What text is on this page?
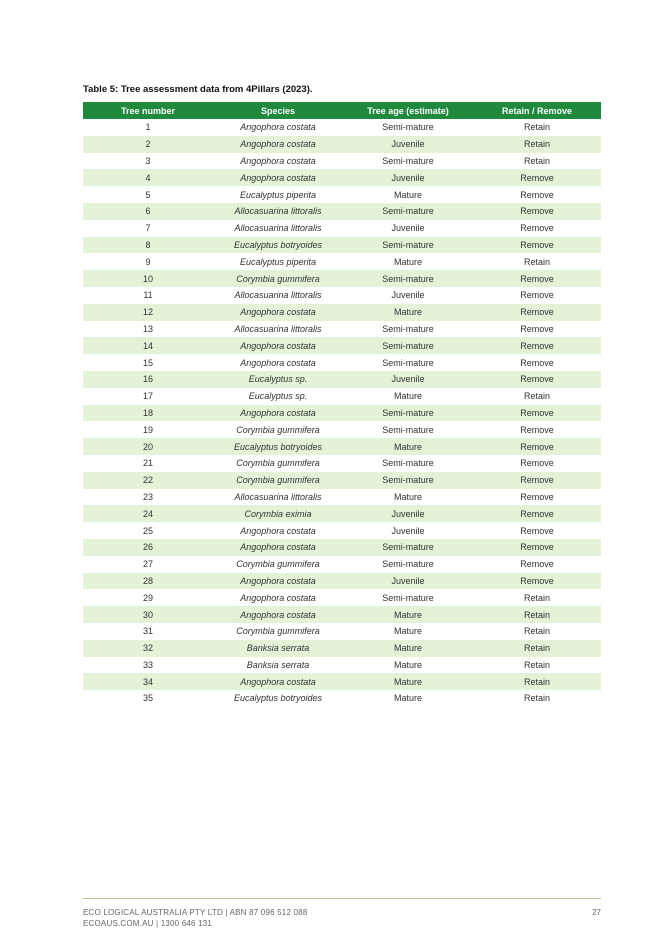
Table 5: Tree assessment data from 4Pillars (2023).
Tree number	Species	Tree age (estimate)	Retain / Remove
1	Angophora costata	Semi-mature	Retain
2	Angophora costata	Juvenile	Retain
3	Angophora costata	Semi-mature	Retain
4	Angophora costata	Juvenile	Remove
5	Eucalyptus piperita	Mature	Remove
6	Allocasuarina littoralis	Semi-mature	Remove
7	Allocasuarina littoralis	Juvenile	Remove
8	Eucalyptus botryoides	Semi-mature	Remove
9	Eucalyptus piperita	Mature	Retain
10	Corymbia gummifera	Semi-mature	Remove
11	Allocasuarina littoralis	Juvenile	Remove
12	Angophora costata	Mature	Remove
13	Allocasuarina littoralis	Semi-mature	Remove
14	Angophora costata	Semi-mature	Remove
15	Angophora costata	Semi-mature	Remove
16	Eucalyptus sp.	Juvenile	Remove
17	Eucalyptus sp.	Mature	Retain
18	Angophora costata	Semi-mature	Remove
19	Corymbia gummifera	Semi-mature	Remove
20	Eucalyptus botryoides	Mature	Remove
21	Corymbia gummifera	Semi-mature	Remove
22	Corymbia gummifera	Semi-mature	Remove
23	Allocasuarina littoralis	Mature	Remove
24	Corymbia eximia	Juvenile	Remove
25	Angophora costata	Juvenile	Remove
26	Angophora costata	Semi-mature	Remove
27	Corymbia gummifera	Semi-mature	Remove
28	Angophora costata	Juvenile	Remove
29	Angophora costata	Semi-mature	Retain
30	Angophora costata	Mature	Retain
31	Corymbia gummifera	Mature	Retain
32	Banksia serrata	Mature	Retain
33	Banksia serrata	Mature	Retain
34	Angophora costata	Mature	Retain
35	Eucalyptus botryoides	Mature	Retain
ECO LOGICAL AUSTRALIA PTY LTD | ABN 87 096 512 088
ECOAUS.COM.AU | 1300 646 131
27
